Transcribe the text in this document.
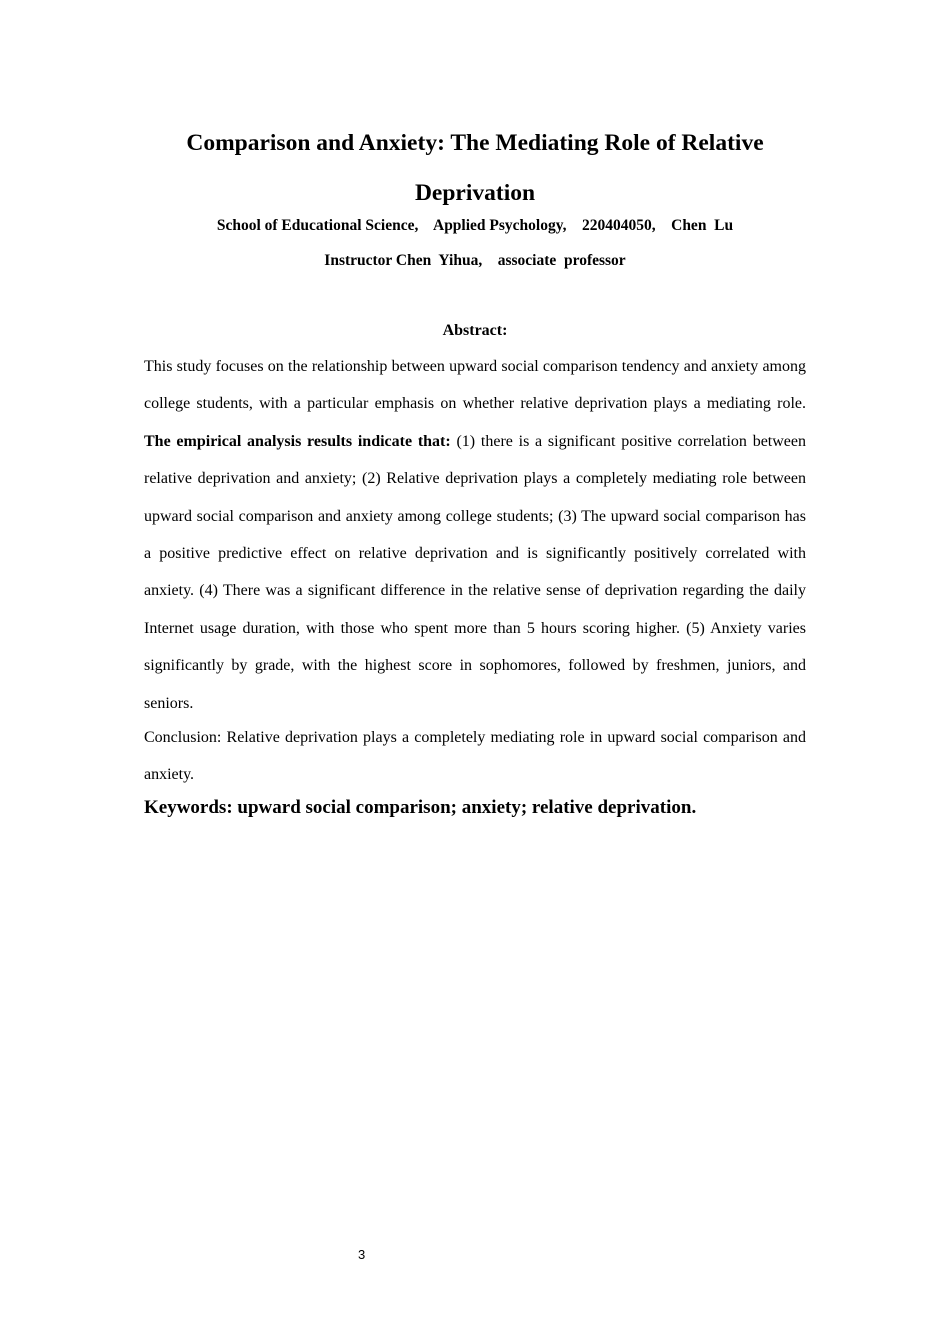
Comparison and Anxiety: The Mediating Role of Relative Deprivation

School of Educational Science,    Applied Psychology,    220404050,    Chen  Lu

Instructor Chen  Yihua,    associate  professor

Abstract:

This study focuses on the relationship between upward social comparison tendency and anxiety among college students, with a particular emphasis on whether relative deprivation plays a mediating role. The empirical analysis results indicate that: (1) there is a significant positive correlation between relative deprivation and anxiety; (2) Relative deprivation plays a completely mediating role between upward social comparison and anxiety among college students; (3) The upward social comparison has a positive predictive effect on relative deprivation and is significantly positively correlated with anxiety. (4) There was a significant difference in the relative sense of deprivation regarding the daily Internet usage duration, with those who spent more than 5 hours scoring higher. (5) Anxiety varies significantly by grade, with the highest score in sophomores, followed by freshmen, juniors, and seniors.

Conclusion: Relative deprivation plays a completely mediating role in upward social comparison and anxiety.

Keywords: upward social comparison; anxiety; relative deprivation.

3
